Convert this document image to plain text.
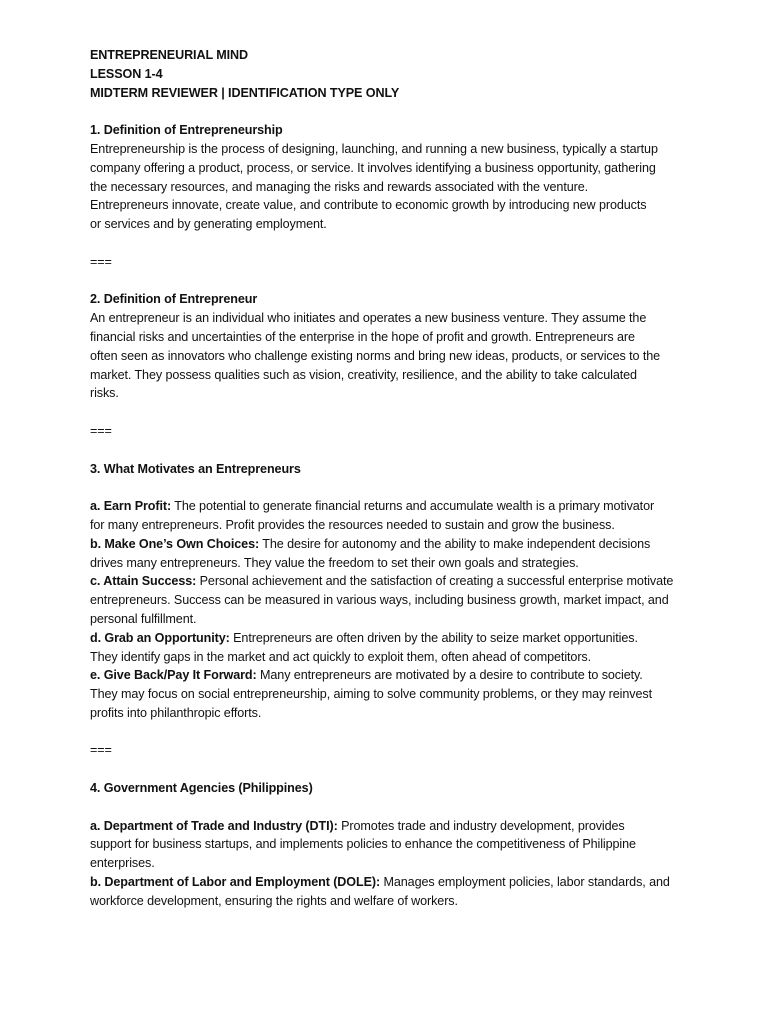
ENTREPRENEURIAL MIND
LESSON 1-4
MIDTERM REVIEWER | IDENTIFICATION TYPE ONLY
1. Definition of Entrepreneurship
Entrepreneurship is the process of designing, launching, and running a new business, typically a startup
company offering a product, process, or service. It involves identifying a business opportunity, gathering
the necessary resources, and managing the risks and rewards associated with the venture.
Entrepreneurs innovate, create value, and contribute to economic growth by introducing new products
or services and by generating employment.
===
2. Definition of Entrepreneur
An entrepreneur is an individual who initiates and operates a new business venture. They assume the
financial risks and uncertainties of the enterprise in the hope of profit and growth. Entrepreneurs are
often seen as innovators who challenge existing norms and bring new ideas, products, or services to the
market. They possess qualities such as vision, creativity, resilience, and the ability to take calculated
risks.
===
3. What Motivates an Entrepreneurs
a. Earn Profit: The potential to generate financial returns and accumulate wealth is a primary motivator
for many entrepreneurs. Profit provides the resources needed to sustain and grow the business.
b. Make One’s Own Choices: The desire for autonomy and the ability to make independent decisions
drives many entrepreneurs. They value the freedom to set their own goals and strategies.
c. Attain Success: Personal achievement and the satisfaction of creating a successful enterprise motivate
entrepreneurs. Success can be measured in various ways, including business growth, market impact, and
personal fulfillment.
d. Grab an Opportunity: Entrepreneurs are often driven by the ability to seize market opportunities.
They identify gaps in the market and act quickly to exploit them, often ahead of competitors.
e. Give Back/Pay It Forward: Many entrepreneurs are motivated by a desire to contribute to society.
They may focus on social entrepreneurship, aiming to solve community problems, or they may reinvest
profits into philanthropic efforts.
===
4. Government Agencies (Philippines)
a. Department of Trade and Industry (DTI): Promotes trade and industry development, provides
support for business startups, and implements policies to enhance the competitiveness of Philippine
enterprises.
b. Department of Labor and Employment (DOLE): Manages employment policies, labor standards, and
workforce development, ensuring the rights and welfare of workers.
